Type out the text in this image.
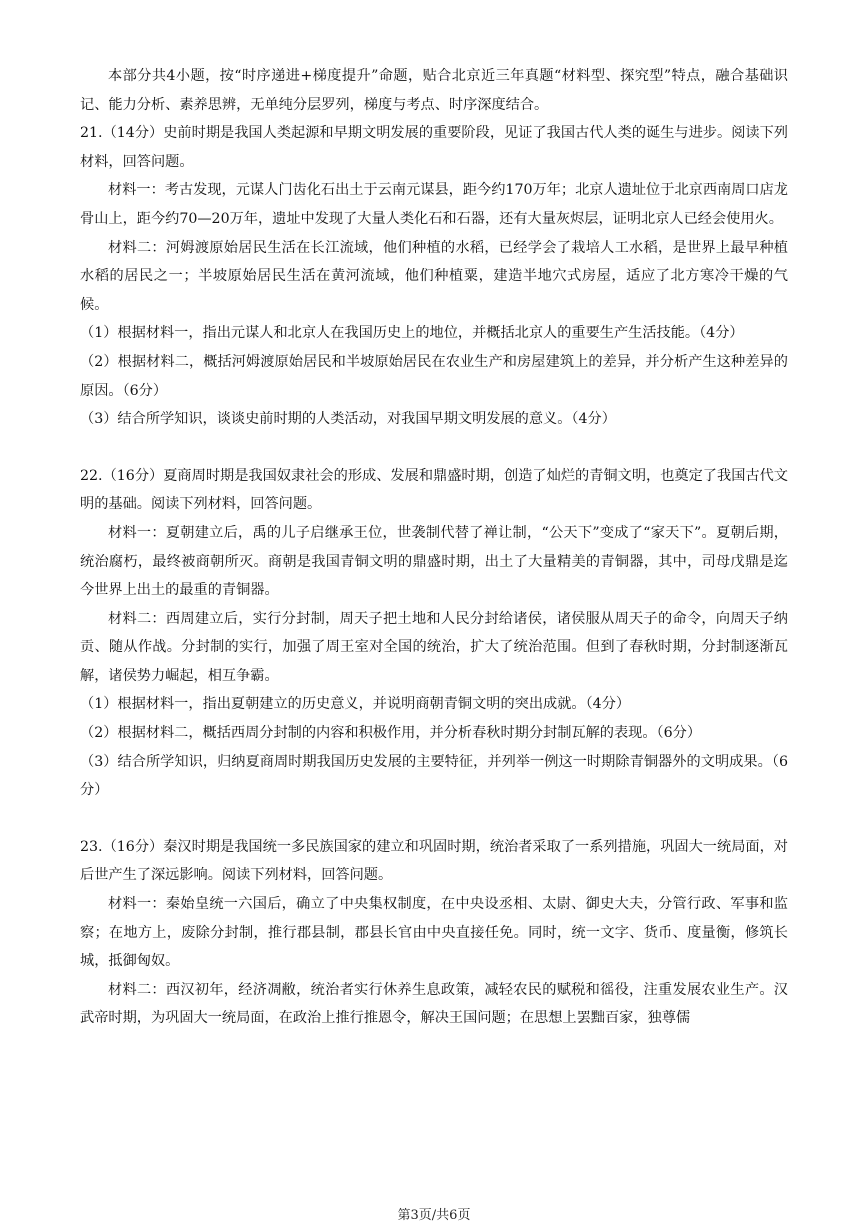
本部分共4小题，按“时序递进+梯度提升”命题，贴合北京近三年真题“材料型、探究型”特点，融合基础识记、能力分析、素养思辨，无单纯分层罗列，梯度与考点、时序深度结合。

21.（14分）史前时期是我国人类起源和早期文明发展的重要阶段，见证了我国古代人类的诞生与进步。阅读下列材料，回答问题。

材料一：考古发现，元谋人门齿化石出土于云南元谋县，距今约170万年；北京人遗址位于北京西南周口店龙骨山上，距今约70—20万年，遗址中发现了大量人类化石和石器，还有大量灰烬层，证明北京人已经会使用火。

材料二：河姆渡原始居民生活在长江流域，他们种植的水稻，已经学会了栽培人工水稻，是世界上最早种植水稻的居民之一；半坡原始居民生活在黄河流域，他们种植粟，建造半地穴式房屋，适应了北方寒冷干燥的气候。

（1）根据材料一，指出元谋人和北京人在我国历史上的地位，并概括北京人的重要生产生活技能。（4分）

（2）根据材料二，概括河姆渡原始居民和半坡原始居民在农业生产和房屋建筑上的差异，并分析产生这种差异的原因。（6分）

（3）结合所学知识，谈谈史前时期的人类活动，对我国早期文明发展的意义。（4分）

22.（16分）夏商周时期是我国奴隶社会的形成、发展和鼎盛时期，创造了灿烂的青铜文明，也奠定了我国古代文明的基础。阅读下列材料，回答问题。

材料一：夏朝建立后，禹的儿子启继承王位，世袭制代替了禅让制，“公天下”变成了“家天下”。夏朝后期，统治腐朽，最终被商朝所灭。商朝是我国青铜文明的鼎盛时期，出土了大量精美的青铜器，其中，司母戊鼎是迄今世界上出土的最重的青铜器。

材料二：西周建立后，实行分封制，周天子把土地和人民分封给诸侯，诸侯服从周天子的命令，向周天子纳贡、随从作战。分封制的实行，加强了周王室对全国的统治，扩大了统治范围。但到了春秋时期，分封制逐渐瓦解，诸侯势力崛起，相互争霸。

（1）根据材料一，指出夏朝建立的历史意义，并说明商朝青铜文明的突出成就。（4分）

（2）根据材料二，概括西周分封制的内容和积极作用，并分析春秋时期分封制瓦解的表现。（6分）

（3）结合所学知识，归纳夏商周时期我国历史发展的主要特征，并列举一例这一时期除青铜器外的文明成果。（6分）

23.（16分）秦汉时期是我国统一多民族国家的建立和巩固时期，统治者采取了一系列措施，巩固大一统局面，对后世产生了深远影响。阅读下列材料，回答问题。

材料一：秦始皇统一六国后，确立了中央集权制度，在中央设丞相、太尉、御史大夫，分管行政、军事和监察；在地方上，废除分封制，推行郡县制，郡县长官由中央直接任免。同时，统一文字、货币、度量衡，修筑长城，抵御匈奴。

材料二：西汉初年，经济凋敝，统治者实行休养生息政策，减轻农民的赋税和徭役，注重发展农业生产。汉武帝时期，为巩固大一统局面，在政治上推行推恩令，解决王国问题；在思想上罢黜百家，独尊儒

第3页/共6页
